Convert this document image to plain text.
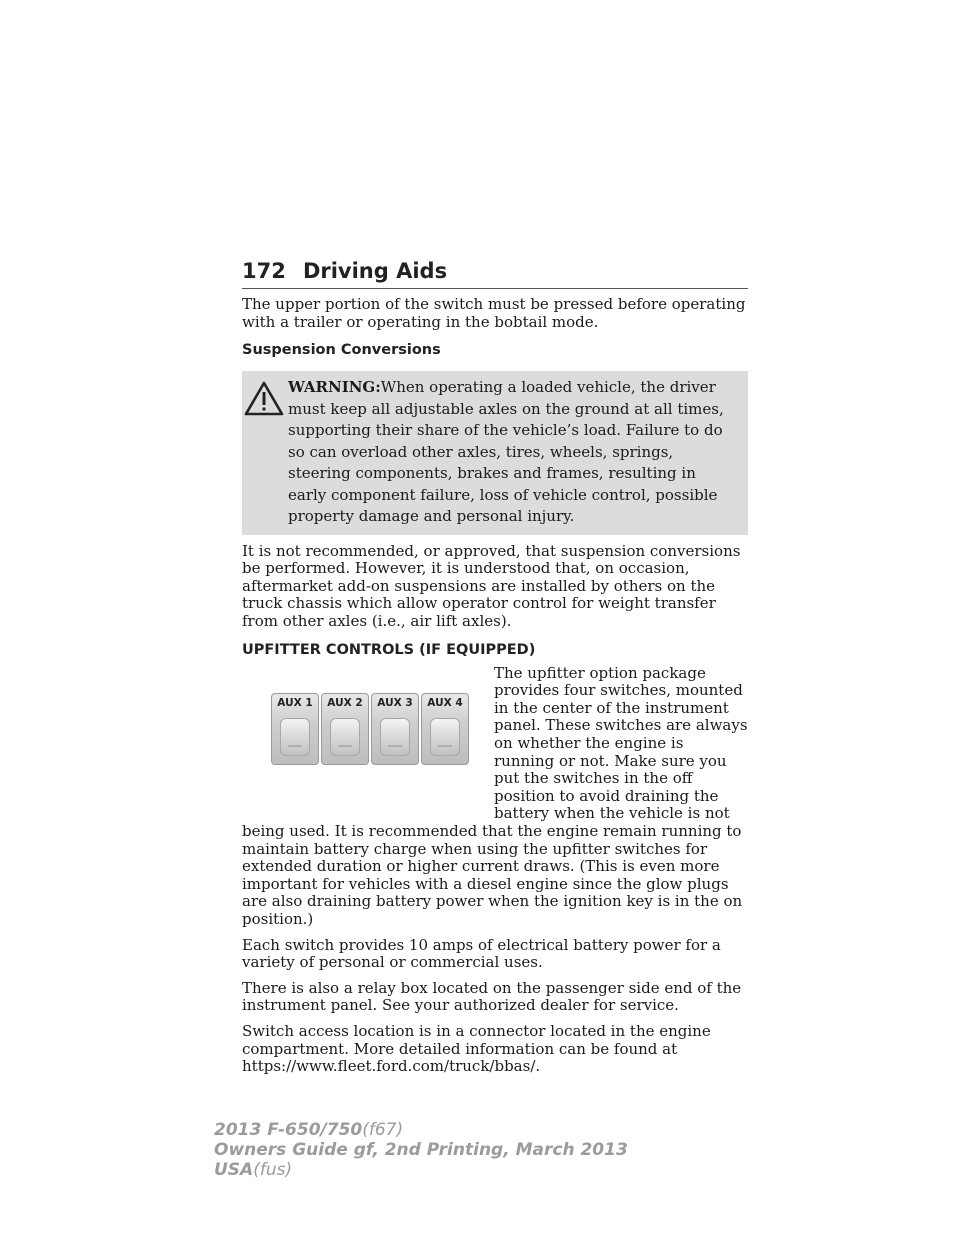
172 Driving Aids

The upper portion of the switch must be pressed before operating with a trailer or operating in the bobtail mode.

Suspension Conversions
WARNING:When operating a loaded vehicle, the driver must keep all adjustable axles on the ground at all times, supporting their share of the vehicle’s load. Failure to do so can overload other axles, tires, wheels, springs, steering components, brakes and frames, resulting in early component failure, loss of vehicle control, possible property damage and personal injury.

It is not recommended, or approved, that suspension conversions be performed. However, it is understood that, on occasion, aftermarket add-on suspensions are installed by others on the truck chassis which allow operator control for weight transfer from other axles (i.e., air lift axles).

UPFITTER CONTROLS (IF EQUIPPED)
AUX 1	AUX 2	AUX 3	AUX 4

The upfitter option package provides four switches, mounted in the center of the instrument panel. These switches are always on whether the engine is running or not. Make sure you put the switches in the off position to avoid draining the battery when the vehicle is not being used. It is recommended that the engine remain running to maintain battery charge when using the upfitter switches for extended duration or higher current draws. (This is even more important for vehicles with a diesel engine since the glow plugs are also draining battery power when the ignition key is in the on position.)

Each switch provides 10 amps of electrical battery power for a variety of personal or commercial uses.

There is also a relay box located on the passenger side end of the instrument panel. See your authorized dealer for service.

Switch access location is in a connector located in the engine compartment. More detailed information can be found at https://www.fleet.ford.com/truck/bbas/.

2013 F-650/750(f67)
Owners Guide gf, 2nd Printing, March 2013
USA(fus)
